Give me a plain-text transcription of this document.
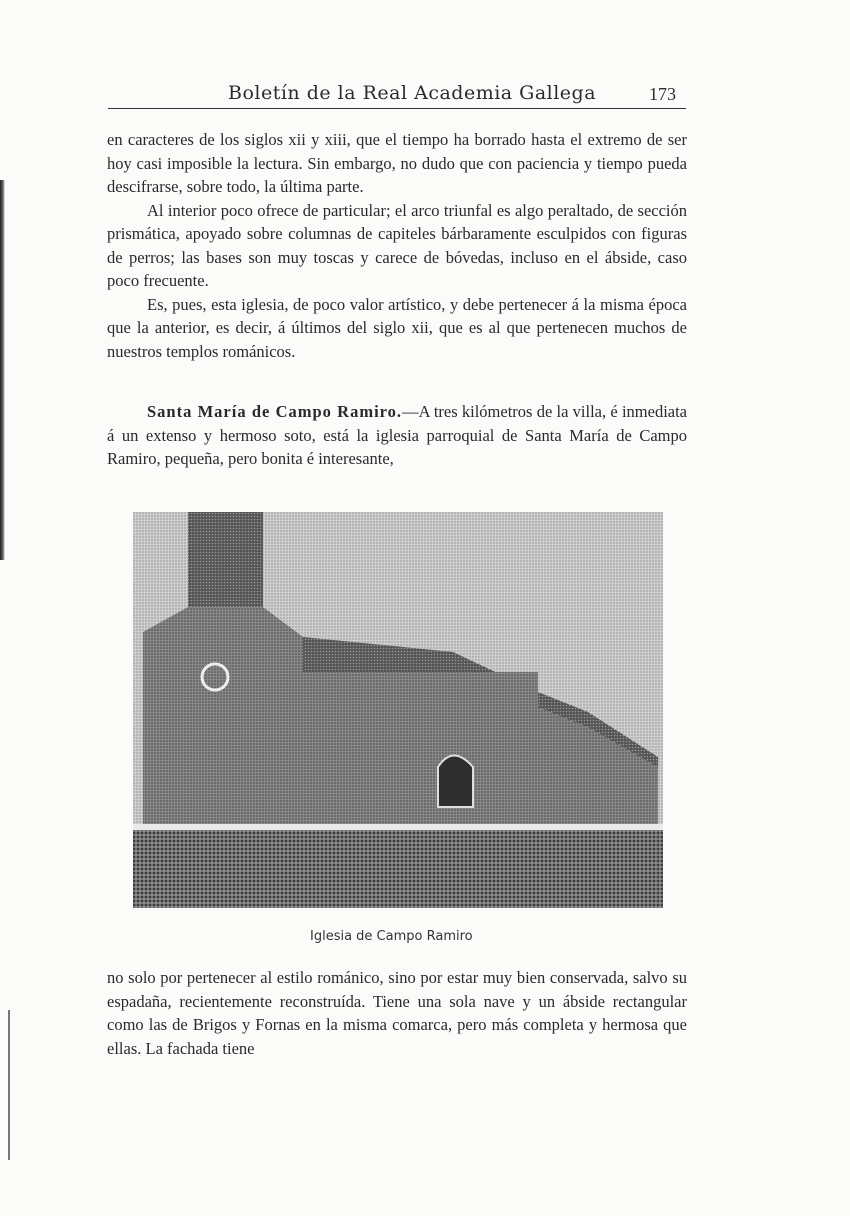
Boletín de la Real Academia Gallega	173

en caracteres de los siglos xii y xiii, que el tiempo ha borrado hasta el extremo de ser hoy casi imposible la lectura. Sin embargo, no dudo que con paciencia y tiempo pueda descifrarse, sobre todo, la última parte.

Al interior poco ofrece de particular; el arco triunfal es algo peraltado, de sección prismática, apoyado sobre columnas de capiteles bárbaramente esculpidos con figuras de perros; las bases son muy toscas y carece de bóvedas, incluso en el ábside, caso poco frecuente.

Es, pues, esta iglesia, de poco valor artístico, y debe pertenecer á la misma época que la anterior, es decir, á últimos del siglo xii, que es al que pertenecen muchos de nuestros templos románicos.

Santa María de Campo Ramiro.—A tres kilómetros de la villa, é inmediata á un extenso y hermoso soto, está la iglesia parroquial de Santa María de Campo Ramiro, pequeña, pero bonita é interesante,

Iglesia de Campo Ramiro

no solo por pertenecer al estilo románico, sino por estar muy bien conservada, salvo su espadaña, recientemente reconstruída. Tiene una sola nave y un ábside rectangular como las de Brigos y Fornas en la misma comarca, pero más completa y hermosa que ellas. La fachada tiene
